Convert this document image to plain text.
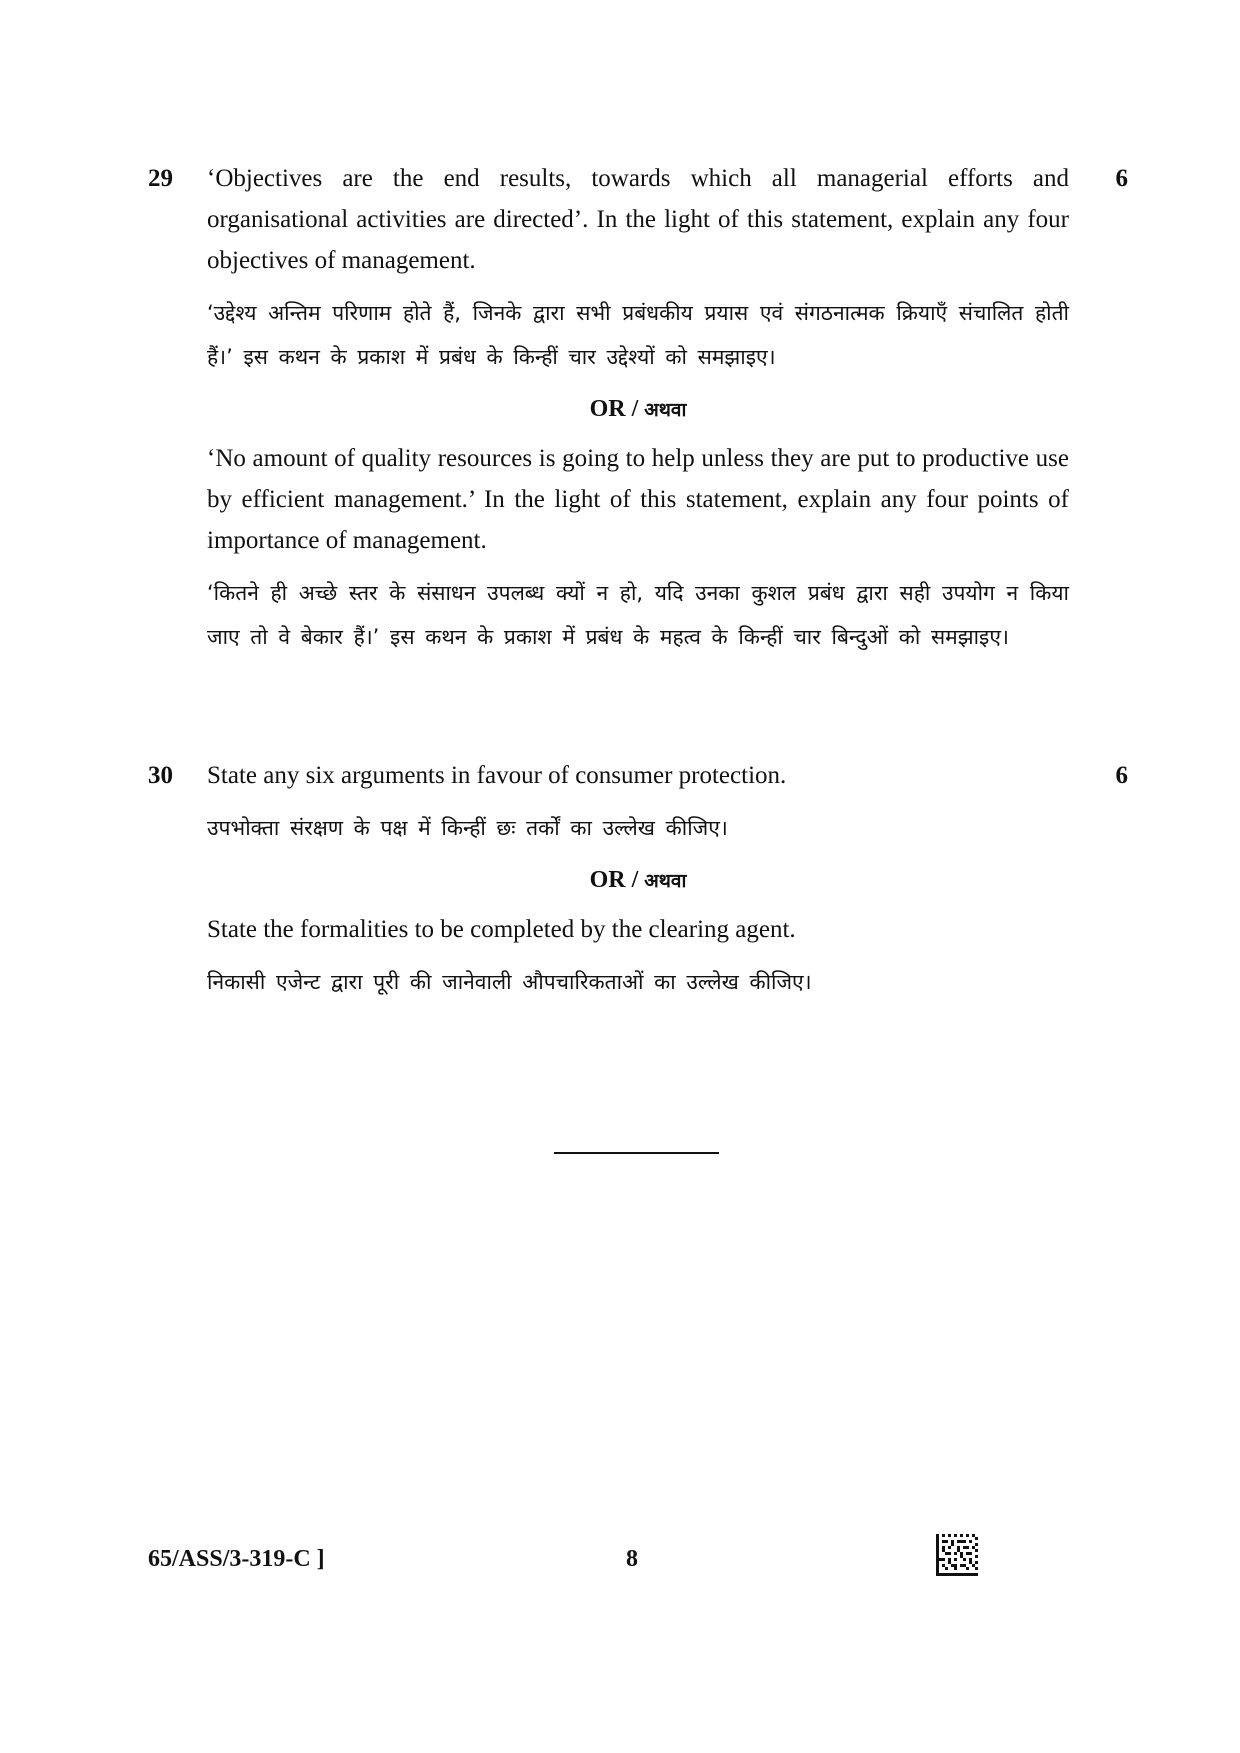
29	6

‘Objectives are the end results, towards which all managerial efforts and organisational activities are directed’. In the light of this statement, explain any four objectives of management.

‘उद्देश्य अन्तिम परिणाम होते हैं, जिनके द्वारा सभी प्रबंधकीय प्रयास एवं संगठनात्मक क्रियाएँ संचालित होती हैं।’ इस कथन के प्रकाश में प्रबंध के किन्हीं चार उद्देश्यों को समझाइए।

OR / अथवा

‘No amount of quality resources is going to help unless they are put to productive use by efficient management.’ In the light of this statement, explain any four points of importance of management.

‘कितने ही अच्छे स्तर के संसाधन उपलब्ध क्यों न हो, यदि उनका कुशल प्रबंध द्वारा सही उपयोग न किया जाए तो वे बेकार हैं।’ इस कथन के प्रकाश में प्रबंध के महत्व के किन्हीं चार बिन्दुओं को समझाइए।

30	6

State any six arguments in favour of consumer protection.

उपभोक्ता संरक्षण के पक्ष में किन्हीं छः तर्कों का उल्लेख कीजिए।

OR / अथवा

State the formalities to be completed by the clearing agent.

निकासी एजेन्ट द्वारा पूरी की जानेवाली औपचारिकताओं का उल्लेख कीजिए।

65/ASS/3-319-C ]	8
